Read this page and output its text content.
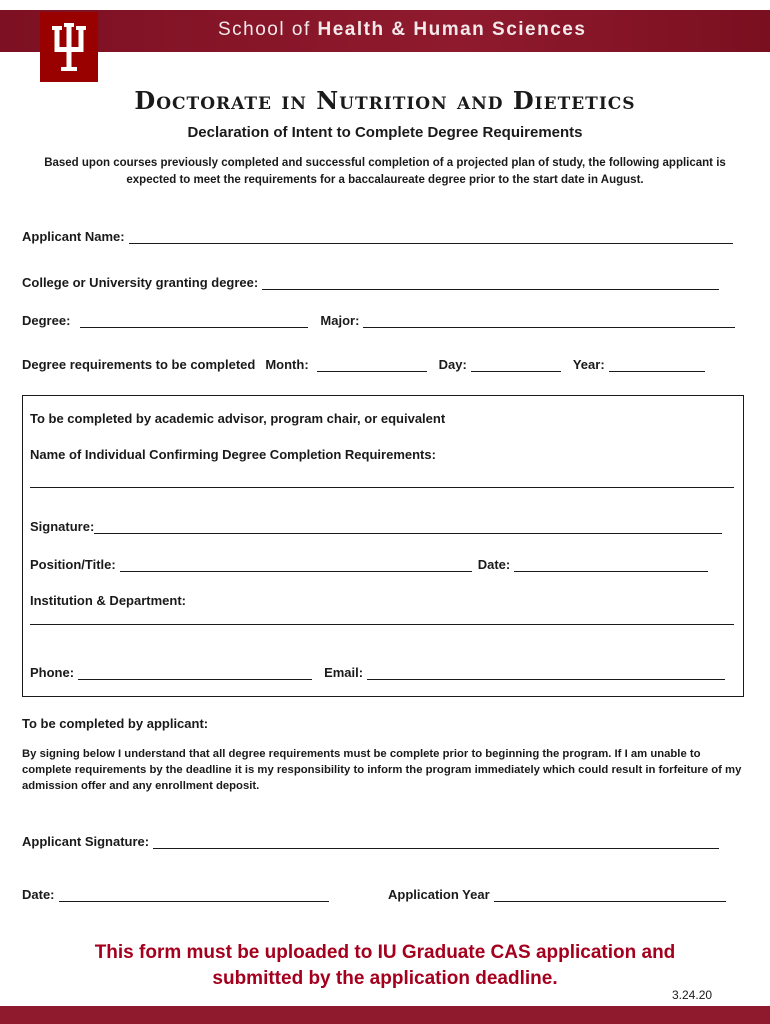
School of Health & Human Sciences
Doctorate in Nutrition and Dietetics
Declaration of Intent to Complete Degree Requirements
Based upon courses previously completed and successful completion of a projected plan of study, the following applicant is expected to meet the requirements for a baccalaureate degree prior to the start date in August.
Applicant Name:
College or University granting degree:
Degree:	Major:
Degree requirements to be completed Month:	Day:	Year:
To be completed by academic advisor, program chair, or equivalent
Name of Individual Confirming Degree Completion Requirements:
Signature:
Position/Title:	Date:
Institution & Department:
Phone:	Email:
To be completed by applicant:
By signing below I understand that all degree requirements must be complete prior to beginning the program. If I am unable to complete requirements by the deadline it is my responsibility to inform the program immediately which could result in forfeiture of my admission offer and any enrollment deposit.
Applicant Signature:
Date:	Application Year
This form must be uploaded to IU Graduate CAS application and
submitted by the application deadline.
3.24.20
